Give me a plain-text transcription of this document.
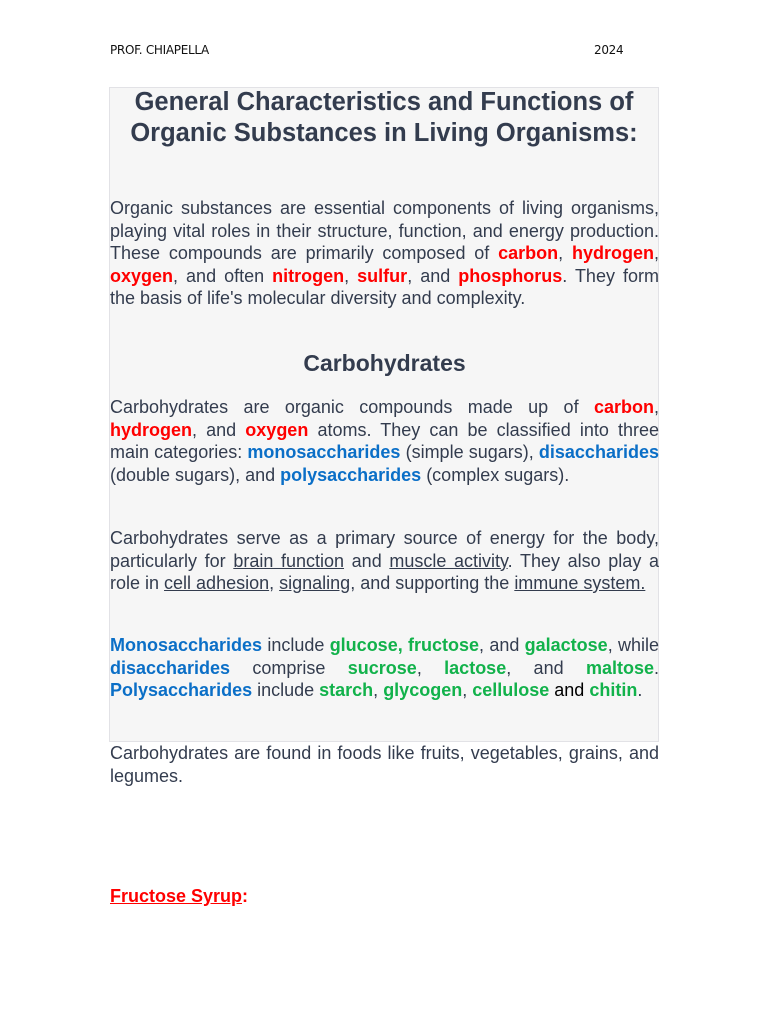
PROF. CHIAPELLA	2024
General Characteristics and Functions of Organic Substances in Living Organisms:

Organic substances are essential components of living organisms, playing vital roles in their structure, function, and energy production. These compounds are primarily composed of carbon, hydrogen, oxygen, and often nitrogen, sulfur, and phosphorus. They form the basis of life's molecular diversity and complexity.

Carbohydrates

Carbohydrates are organic compounds made up of carbon, hydrogen, and oxygen atoms. They can be classified into three main categories: monosaccharides (simple sugars), disaccharides (double sugars), and polysaccharides (complex sugars).

Carbohydrates serve as a primary source of energy for the body, particularly for brain function and muscle activity. They also play a role in cell adhesion, signaling, and supporting the immune system.

Monosaccharides include glucose, fructose, and galactose, while disaccharides comprise sucrose, lactose, and maltose. Polysaccharides include starch, glycogen, cellulose and chitin.

Carbohydrates are found in foods like fruits, vegetables, grains, and legumes.

Fructose Syrup:
